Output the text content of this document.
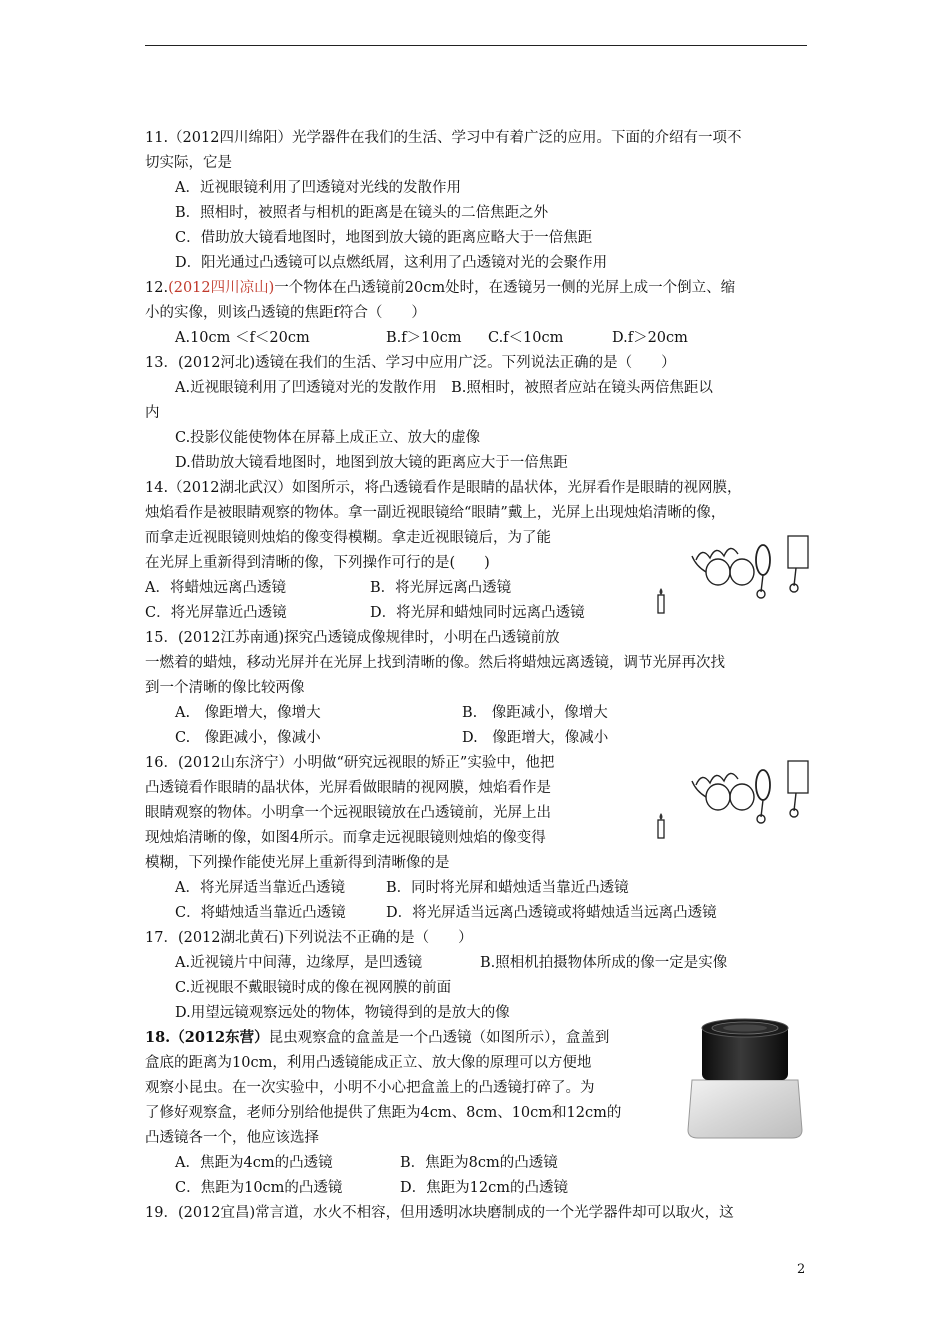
11.（2012四川绵阳）光学器件在我们的生活、学习中有着广泛的应用。下面的介绍有一项不
切实际，它是
A．近视眼镜利用了凹透镜对光线的发散作用
B．照相时，被照者与相机的距离是在镜头的二倍焦距之外
C．借助放大镜看地图时，地图到放大镜的距离应略大于一倍焦距
D．阳光通过凸透镜可以点燃纸屑，这利用了凸透镜对光的会聚作用
12.(2012四川凉山)一个物体在凸透镜前20cm处时，在透镜另一侧的光屏上成一个倒立、缩
小的实像，则该凸透镜的焦距f符合（　　）
A.10cm ＜f＜20cm	B.f＞10cm C.f＜10cm	D.f＞20cm
13．(2012河北)透镜在我们的生活、学习中应用广泛。下列说法正确的是（　　）
A.近视眼镜利用了凹透镜对光的发散作用　B.照相时，被照者应站在镜头两倍焦距以
内
C.投影仪能使物体在屏幕上成正立、放大的虚像
D.借助放大镜看地图时，地图到放大镜的距离应大于一倍焦距
14.（2012湖北武汉）如图所示，将凸透镜看作是眼睛的晶状体，光屏看作是眼睛的视网膜，
烛焰看作是被眼睛观察的物体。拿一副近视眼镜给“眼睛”戴上，光屏上出现烛焰清晰的像，
而拿走近视眼镜则烛焰的像变得模糊。拿走近视眼镜后，为了能
在光屏上重新得到清晰的像，下列操作可行的是(　　)
A．将蜡烛远离凸透镜	B．将光屏远离凸透镜
C．将光屏靠近凸透镜	D．将光屏和蜡烛同时远离凸透镜
15．(2012江苏南通)探究凸透镜成像规律时，小明在凸透镜前放
一燃着的蜡烛，移动光屏并在光屏上找到清晰的像。然后将蜡烛远离透镜，调节光屏再次找
到一个清晰的像比较两像
A.　像距增大，像增大	B.　像距减小，像增大
C.　像距减小，像减小	D.　像距增大，像减小
16．(2012山东济宁）小明做“研究远视眼的矫正”实验中，他把
凸透镜看作眼睛的晶状体，光屏看做眼睛的视网膜，烛焰看作是
眼睛观察的物体。小明拿一个远视眼镜放在凸透镜前，光屏上出
现烛焰清晰的像，如图4所示。而拿走远视眼镜则烛焰的像变得
模糊，下列操作能使光屏上重新得到清晰像的是
A．将光屏适当靠近凸透镜	B．同时将光屏和蜡烛适当靠近凸透镜
C．将蜡烛适当靠近凸透镜	D．将光屏适当远离凸透镜或将蜡烛适当远离凸透镜
17．(2012湖北黄石)下列说法不正确的是（　　）
A.近视镜片中间薄，边缘厚，是凹透镜	B.照相机拍摄物体所成的像一定是实像
C.近视眼不戴眼镜时成的像在视网膜的前面
D.用望远镜观察远处的物体，物镜得到的是放大的像
18.（2012东营）昆虫观察盒的盒盖是一个凸透镜（如图所示），盒盖到
盒底的距离为10cm，利用凸透镜能成正立、放大像的原理可以方便地
观察小昆虫。在一次实验中，小明不小心把盒盖上的凸透镜打碎了。为
了修好观察盒，老师分别给他提供了焦距为4cm、8cm、10cm和12cm的
凸透镜各一个，他应该选择
A．焦距为4cm的凸透镜	B．焦距为8cm的凸透镜
C．焦距为10cm的凸透镜	D．焦距为12cm的凸透镜
19．(2012宜昌)常言道，水火不相容，但用透明冰块磨制成的一个光学器件却可以取火，这
2
